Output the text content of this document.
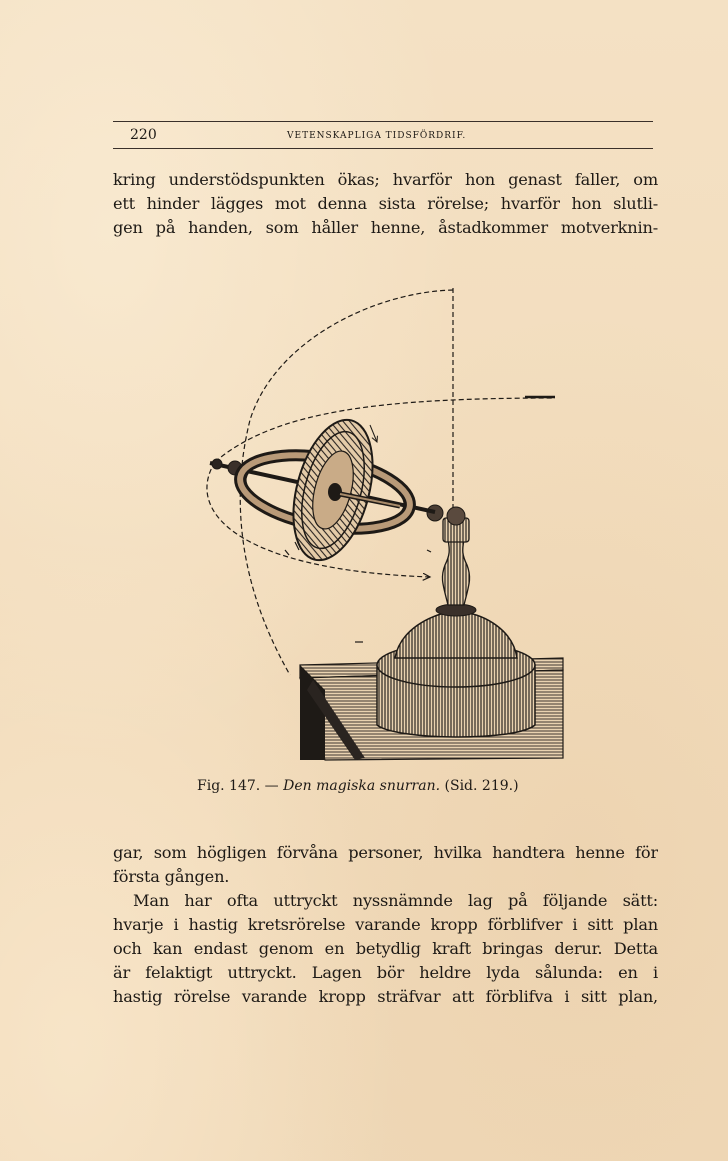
220	VETENSKAPLIGA TIDSFÖRDRIF.
kring understödspunkten ökas; hvarför hon genast faller, om
ett hinder lägges mot denna sista rörelse; hvarför hon slutli-
gen på handen, som håller henne, åstadkommer motverknin-
Fig. 147. — Den magiska snurran. (Sid. 219.)
gar, som högligen förvåna personer, hvilka handtera henne för
första gången.
Man har ofta uttryckt nyssnämnde lag på följande sätt:
hvarje i hastig kretsrörelse varande kropp förblifver i sitt plan
och kan endast genom en betydlig kraft bringas derur. Detta
är felaktigt uttryckt. Lagen bör heldre lyda sålunda: en i
hastig rörelse varande kropp sträfvar att förblifva i sitt plan,
